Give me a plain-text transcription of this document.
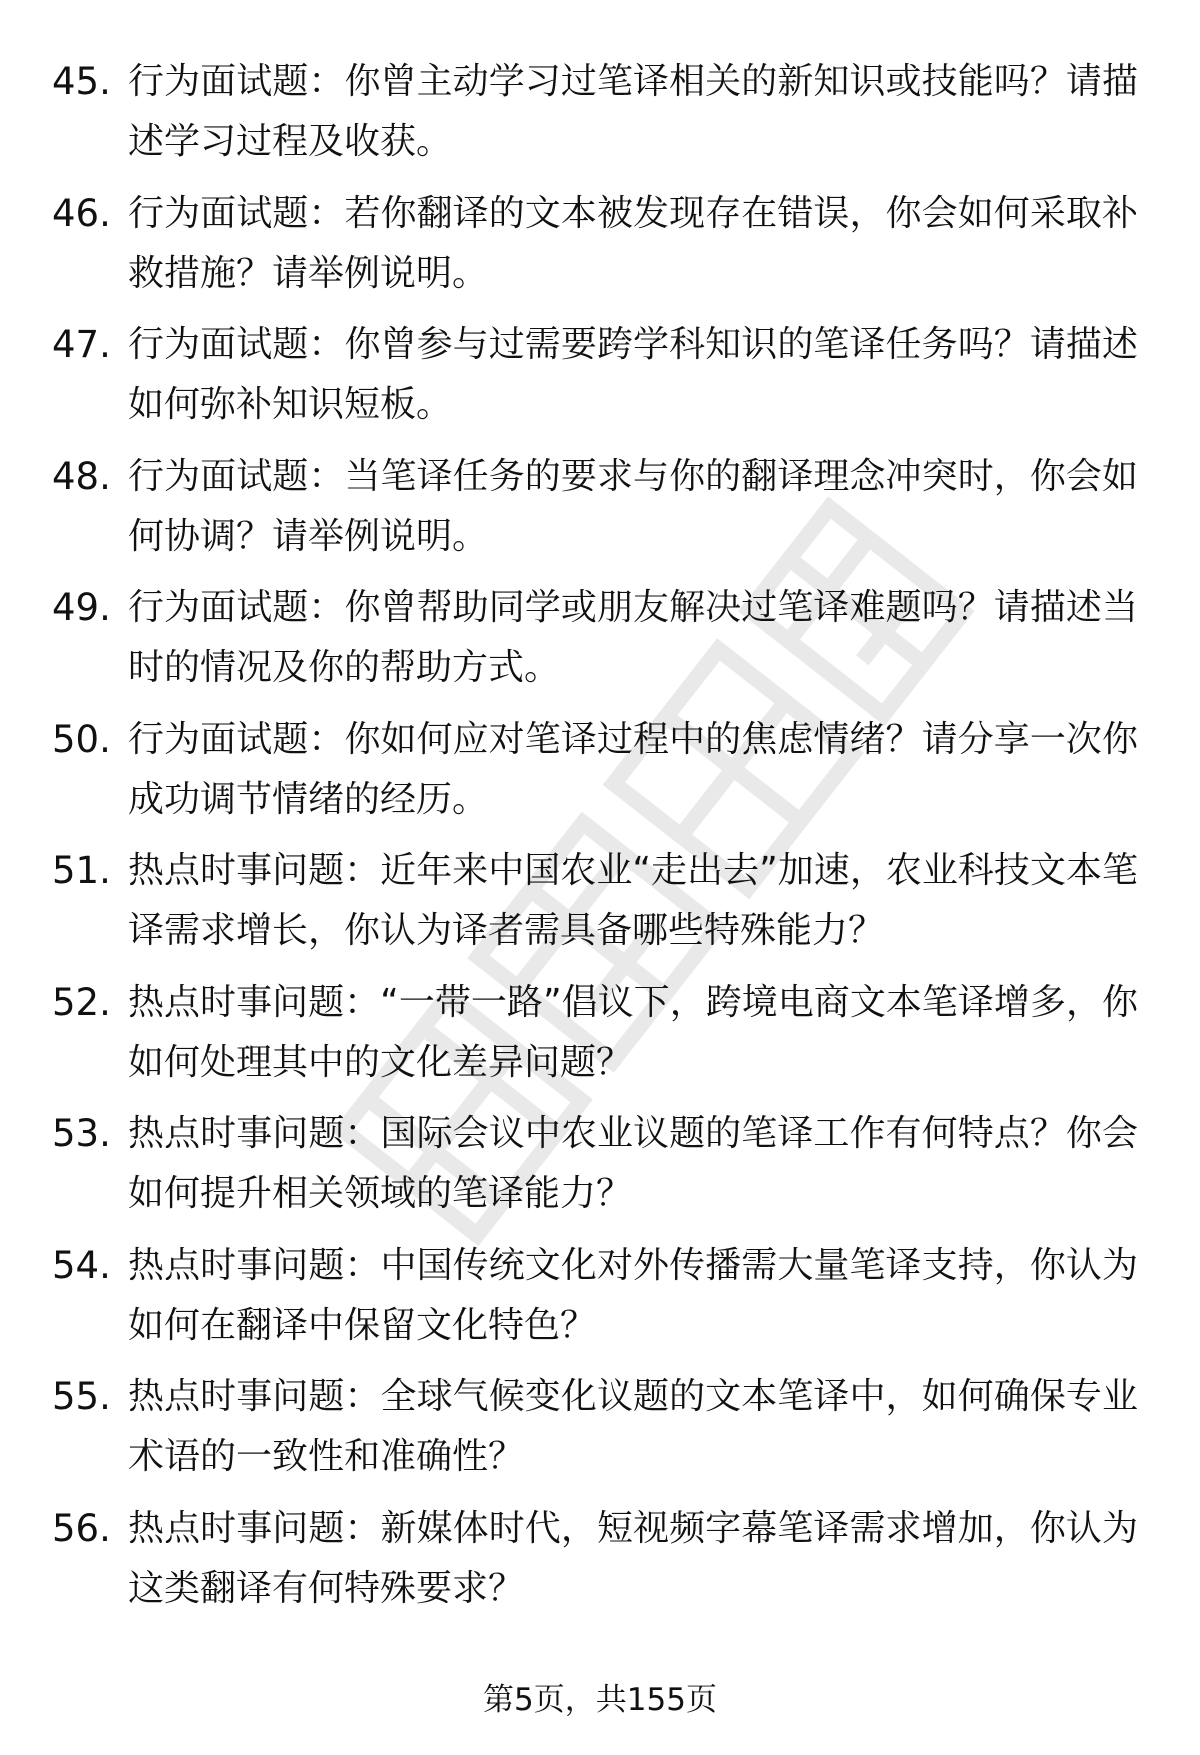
45. 行为面试题：你曾主动学习过笔译相关的新知识或技能吗？请描述学习过程及收获。
46. 行为面试题：若你翻译的文本被发现存在错误，你会如何采取补救措施？请举例说明。
47. 行为面试题：你曾参与过需要跨学科知识的笔译任务吗？请描述如何弥补知识短板。
48. 行为面试题：当笔译任务的要求与你的翻译理念冲突时，你会如何协调？请举例说明。
49. 行为面试题：你曾帮助同学或朋友解决过笔译难题吗？请描述当时的情况及你的帮助方式。
50. 行为面试题：你如何应对笔译过程中的焦虑情绪？请分享一次你成功调节情绪的经历。
51. 热点时事问题：近年来中国农业“走出去”加速，农业科技文本笔译需求增长，你认为译者需具备哪些特殊能力？
52. 热点时事问题：“一带一路”倡议下，跨境电商文本笔译增多，你如何处理其中的文化差异问题？
53. 热点时事问题：国际会议中农业议题的笔译工作有何特点？你会如何提升相关领域的笔译能力？
54. 热点时事问题：中国传统文化对外传播需大量笔译支持，你认为如何在翻译中保留文化特色？
55. 热点时事问题：全球气候变化议题的文本笔译中，如何确保专业术语的一致性和准确性？
56. 热点时事问题：新媒体时代，短视频字幕笔译需求增加，你认为这类翻译有何特殊要求？
第5页，共155页
